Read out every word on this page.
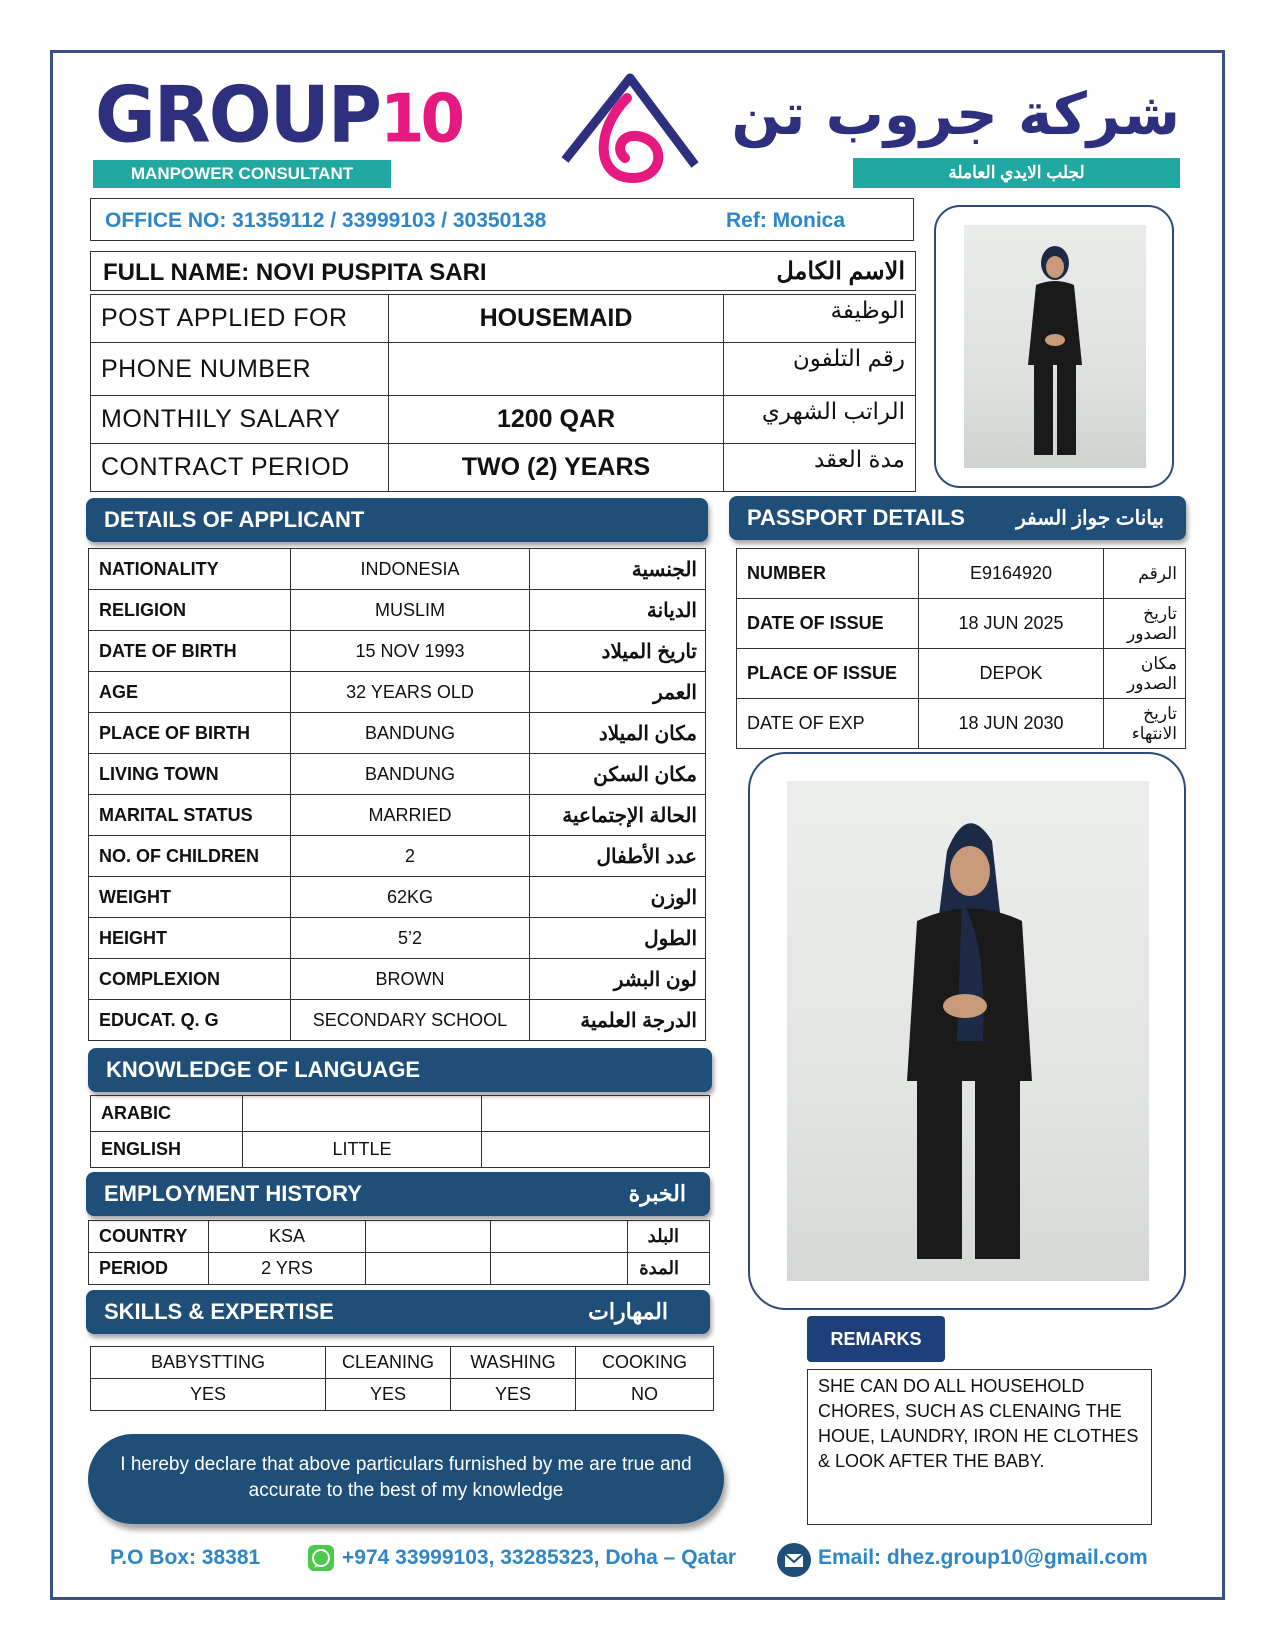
GROUP10
MANPOWER CONSULTANT
شركة جروب تن
لجلب الايدي العاملة
OFFICE NO: 31359112 / 33999103 / 30350138	Ref: Monica
FULL NAME: NOVI PUSPITA SARI	الاسم الكامل
POST APPLIED FOR	HOUSEMAID	الوظيفة
PHONE NUMBER		رقم التلفون
MONTHILY SALARY	1200 QAR	الراتب الشهري
CONTRACT PERIOD	TWO (2) YEARS	مدة العقد
DETAILS OF APPLICANT
NATIONALITY	INDONESIA	الجنسية
RELIGION	MUSLIM	الديانة
DATE OF BIRTH	15 NOV 1993	تاريخ الميلاد
AGE	32 YEARS OLD	العمر
PLACE OF BIRTH	BANDUNG	مكان الميلاد
LIVING TOWN	BANDUNG	مكان السكن
MARITAL STATUS	MARRIED	الحالة الإجتماعية
NO. OF CHILDREN	2	عدد الأطفال
WEIGHT	62KG	الوزن
HEIGHT	5’2	الطول
COMPLEXION	BROWN	لون البشر
EDUCAT. Q. G	SECONDARY SCHOOL	الدرجة العلمية
PASSPORT DETAILS	بيانات جواز السفر
NUMBER	E9164920	الرقم
DATE OF ISSUE	18 JUN 2025	تاريخ الصدور
PLACE OF ISSUE	DEPOK	مكان الصدور
DATE OF EXP	18 JUN 2030	تاريخ الانتهاء
KNOWLEDGE OF LANGUAGE
ARABIC		
ENGLISH	LITTLE	
EMPLOYMENT HISTORY	الخبرة
COUNTRY	KSA			البلد
PERIOD	2 YRS			المدة
SKILLS & EXPERTISE	المهارات
BABYSTTING	CLEANING	WASHING	COOKING
YES	YES	YES	NO
REMARKS
SHE CAN DO ALL HOUSEHOLD CHORES, SUCH AS CLENAING THE HOUE, LAUNDRY, IRON HE CLOTHES & LOOK AFTER THE BABY.
I hereby declare that above particulars furnished by me are true and accurate to the best of my knowledge
P.O Box: 38381	+974 33999103, 33285323, Doha – Qatar	Email: dhez.group10@gmail.com
